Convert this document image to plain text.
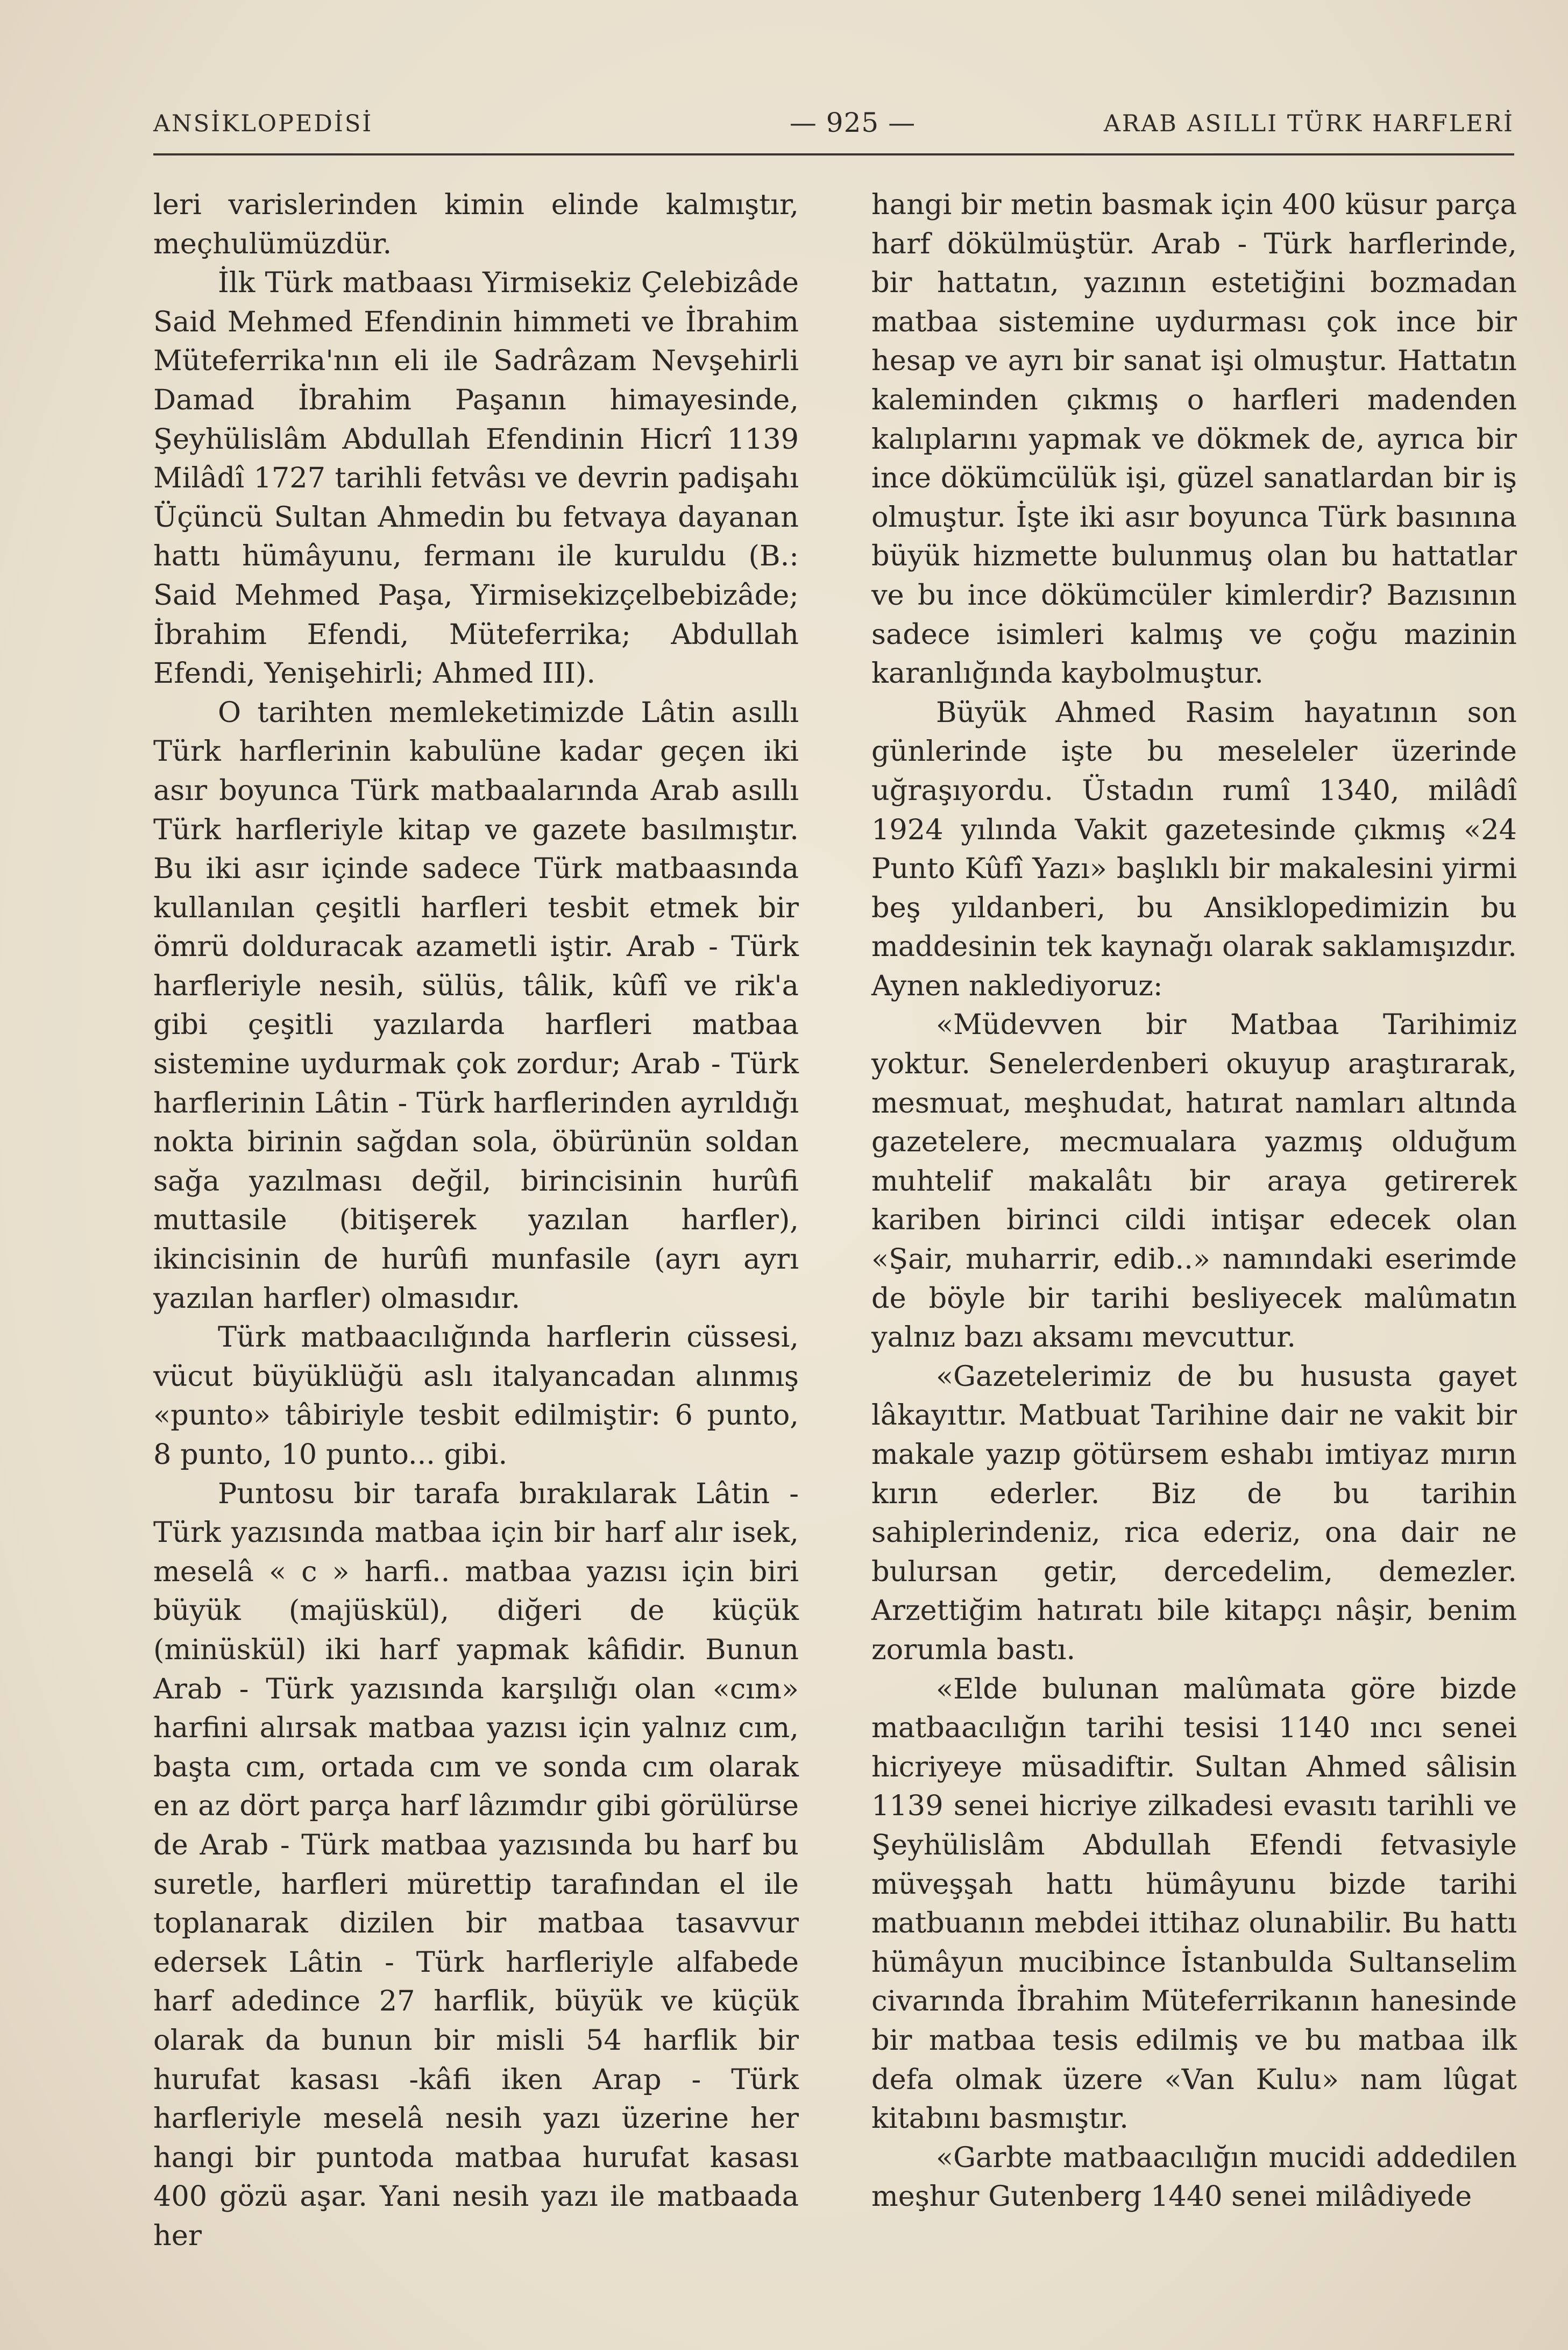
ANSİKLOPEDİSİ	— 925 —	ARAB ASILLI TÜRK HARFLERİ

leri varislerinden kimin elinde kalmıştır, meçhulümüzdür.

İlk Türk matbaası Yirmisekiz Çelebizâde Said Mehmed Efendinin himmeti ve İbrahim Müteferrika'nın eli ile Sadrâzam Nevşehirli Damad İbrahim Paşanın himayesinde, Şeyhülislâm Abdullah Efendinin Hicrî 1139 Milâdî 1727 tarihli fetvâsı ve devrin padişahı Üçüncü Sultan Ahmedin bu fetvaya dayanan hattı hümâyunu, fermanı ile kuruldu (B.: Said Mehmed Paşa, Yirmisekizçelbebizâde; İbrahim Efendi, Müteferrika; Abdullah Efendi, Yenişehirli; Ahmed III).

O tarihten memleketimizde Lâtin asıllı Türk harflerinin kabulüne kadar geçen iki asır boyunca Türk matbaalarında Arab asıllı Türk harfleriyle kitap ve gazete basılmıştır. Bu iki asır içinde sadece Türk matbaasında kullanılan çeşitli harfleri tesbit etmek bir ömrü dolduracak azametli iştir. Arab - Türk harfleriyle nesih, sülüs, tâlik, kûfî ve rik'a gibi çeşitli yazılarda harfleri matbaa sistemine uydurmak çok zordur; Arab - Türk harflerinin Lâtin - Türk harflerinden ayrıldığı nokta birinin sağdan sola, öbürünün soldan sağa yazılması değil, birincisinin hurûfi muttasile (bitişerek yazılan harfler), ikincisinin de hurûfi munfasile (ayrı ayrı yazılan harfler) olmasıdır.

Türk matbaacılığında harflerin cüssesi, vücut büyüklüğü aslı italyancadan alınmış «punto» tâbiriyle tesbit edilmiştir: 6 punto, 8 punto, 10 punto... gibi.

Puntosu bir tarafa bırakılarak Lâtin - Türk yazısında matbaa için bir harf alır isek, meselâ « c » harfi.. matbaa yazısı için biri büyük (majüskül), diğeri de küçük (minüskül) iki harf yapmak kâfidir. Bunun Arab - Türk yazısında karşılığı olan «cım» harfini alırsak matbaa yazısı için yalnız cım, başta cım, ortada cım ve sonda cım olarak en az dört parça harf lâzımdır gibi görülürse de Arab - Türk matbaa yazısında bu harf bu suretle, harfleri mürettip tarafından el ile toplanarak dizilen bir matbaa tasavvur edersek Lâtin - Türk harfleriyle alfabede harf adedince 27 harflik, büyük ve küçük olarak da bunun bir misli 54 harflik bir hurufat kasası -kâfi iken Arap - Türk harfleriyle meselâ nesih yazı üzerine her hangi bir puntoda matbaa hurufat kasası 400 gözü aşar. Yani nesih yazı ile matbaada her

hangi bir metin basmak için 400 küsur parça harf dökülmüştür. Arab - Türk harflerinde, bir hattatın, yazının estetiğini bozmadan matbaa sistemine uydurması çok ince bir hesap ve ayrı bir sanat işi olmuştur. Hattatın kaleminden çıkmış o harfleri madenden kalıplarını yapmak ve dökmek de, ayrıca bir ince dökümcülük işi, güzel sanatlardan bir iş olmuştur. İşte iki asır boyunca Türk basınına büyük hizmette bulunmuş olan bu hattatlar ve bu ince dökümcüler kimlerdir? Bazısının sadece isimleri kalmış ve çoğu mazinin karanlığında kaybolmuştur.

Büyük Ahmed Rasim hayatının son günlerinde işte bu meseleler üzerinde uğraşıyordu. Üstadın rumî 1340, milâdî 1924 yılında Vakit gazetesinde çıkmış «24 Punto Kûfî Yazı» başlıklı bir makalesini yirmi beş yıldanberi, bu Ansiklopedimizin bu maddesinin tek kaynağı olarak saklamışızdır. Aynen naklediyoruz:

«Müdevven bir Matbaa Tarihimiz yoktur. Senelerdenberi okuyup araştırarak, mesmuat, meşhudat, hatırat namları altında gazetelere, mecmualara yazmış olduğum muhtelif makalâtı bir araya getirerek kariben birinci cildi intişar edecek olan «Şair, muharrir, edib..» namındaki eserimde de böyle bir tarihi besliyecek malûmatın yalnız bazı aksamı mevcuttur.

«Gazetelerimiz de bu hususta gayet lâkayıttır. Matbuat Tarihine dair ne vakit bir makale yazıp götürsem eshabı imtiyaz mırın kırın ederler. Biz de bu tarihin sahiplerindeniz, rica ederiz, ona dair ne bulursan getir, dercedelim, demezler. Arzettiğim hatıratı bile kitapçı nâşir, benim zorumla bastı.

«Elde bulunan malûmata göre bizde matbaacılığın tarihi tesisi 1140 ıncı senei hicriyeye müsadiftir. Sultan Ahmed sâlisin 1139 senei hicriye zilkadesi evasıtı tarihli ve Şeyhülislâm Abdullah Efendi fetvasiyle müveşşah hattı hümâyunu bizde tarihi matbuanın mebdei ittihaz olunabilir. Bu hattı hümâyun mucibince İstanbulda Sultanselim civarında İbrahim Müteferrikanın hanesinde bir matbaa tesis edilmiş ve bu matbaa ilk defa olmak üzere «Van Kulu» nam lûgat kitabını basmıştır.

«Garbte matbaacılığın mucidi addedilen meşhur Gutenberg 1440 senei milâdiyede
